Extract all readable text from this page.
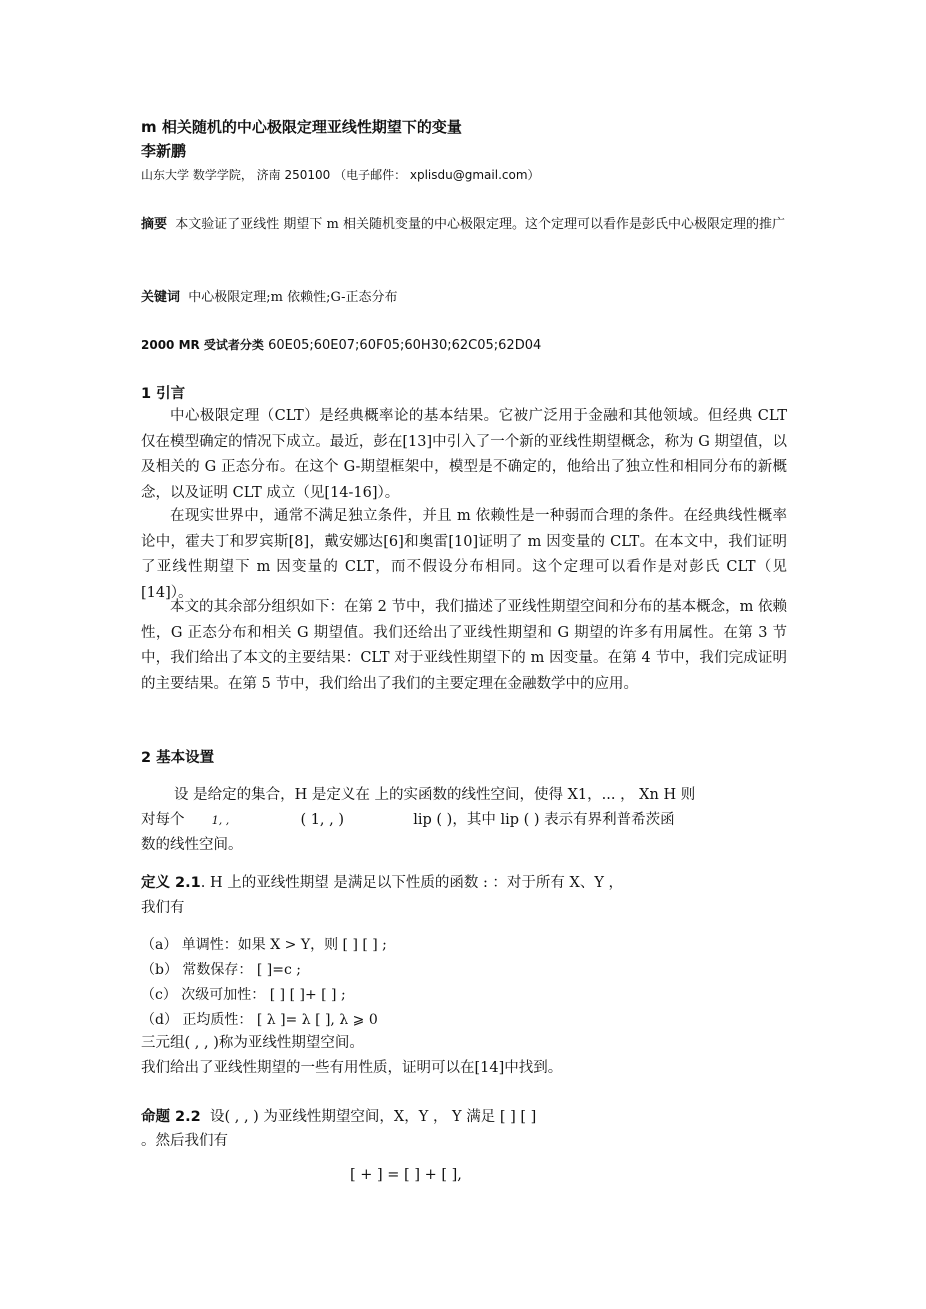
m 相关随机的中心极限定理亚线性期望下的变量
李新鹏
山东大学 数学学院， 济南 250100 （电子邮件： xplisdu@gmail.com）
摘要 本文验证了亚线性 期望下 m 相关随机变量的中心极限定理。这个定理可以看作是彭氏中心极限定理的推广
关键词 中心极限定理;m 依赖性;G-正态分布
2000 MR 受试者分类 60E05;60E07;60F05;60H30;62C05;62D04
1 引言
中心极限定理（CLT）是经典概率论的基本结果。它被广泛用于金融和其他领域。但经典 CLT 仅在模型确定的情况下成立。最近，彭在[13]中引入了一个新的亚线性期望概念，称为 G 期望值，以及相关的 G 正态分布。在这个 G-期望框架中，模型是不确定的，他给出了独立性和相同分布的新概念，以及证明 CLT 成立（见[14-16]）。
在现实世界中，通常不满足独立条件，并且 m 依赖性是一种弱而合理的条件。在经典线性概率论中，霍夫丁和罗宾斯[8]，戴安娜达[6]和奥雷[10]证明了 m 因变量的 CLT。在本文中，我们证明了亚线性期望下 m 因变量的 CLT，而不假设分布相同。这个定理可以看作是对彭氏 CLT（见[14]）。
本文的其余部分组织如下：在第 2 节中，我们描述了亚线性期望空间和分布的基本概念，m 依赖性，G 正态分布和相关 G 期望值。我们还给出了亚线性期望和 G 期望的许多有用属性。在第 3 节中，我们给出了本文的主要结果：CLT 对于亚线性期望下的 m 因变量。在第 4 节中，我们完成证明的主要结果。在第 5 节中，我们给出了我们的主要定理在金融数学中的应用。
2 基本设置
设 是给定的集合，H 是定义在 上的实函数的线性空间，使得 X1，... ， Xn H 则
对每个 1, ,	( 1, , )	lip ( )，其中 lip ( ) 表示有界利普希茨函
数的线性空间。
定义 2.1. H 上的亚线性期望 是满足以下性质的函数 : ：对于所有 X、Y ，
我们有
（a） 单调性：如果 X > Y，则 [ ] [ ] ;
（b） 常数保存： [ ]=c ;
（c） 次级可加性： [ ] [ ]+ [ ] ;
（d） 正均质性： [ λ ]= λ [ ], λ ⩾ 0
三元组( , , )称为亚线性期望空间。
我们给出了亚线性期望的一些有用性质，证明可以在[14]中找到。
命题 2.2 设( , , ) 为亚线性期望空间，X，Y ， Y 满足 [ ] [ ]
。然后我们有
[ + ] = [ ] + [ ],
